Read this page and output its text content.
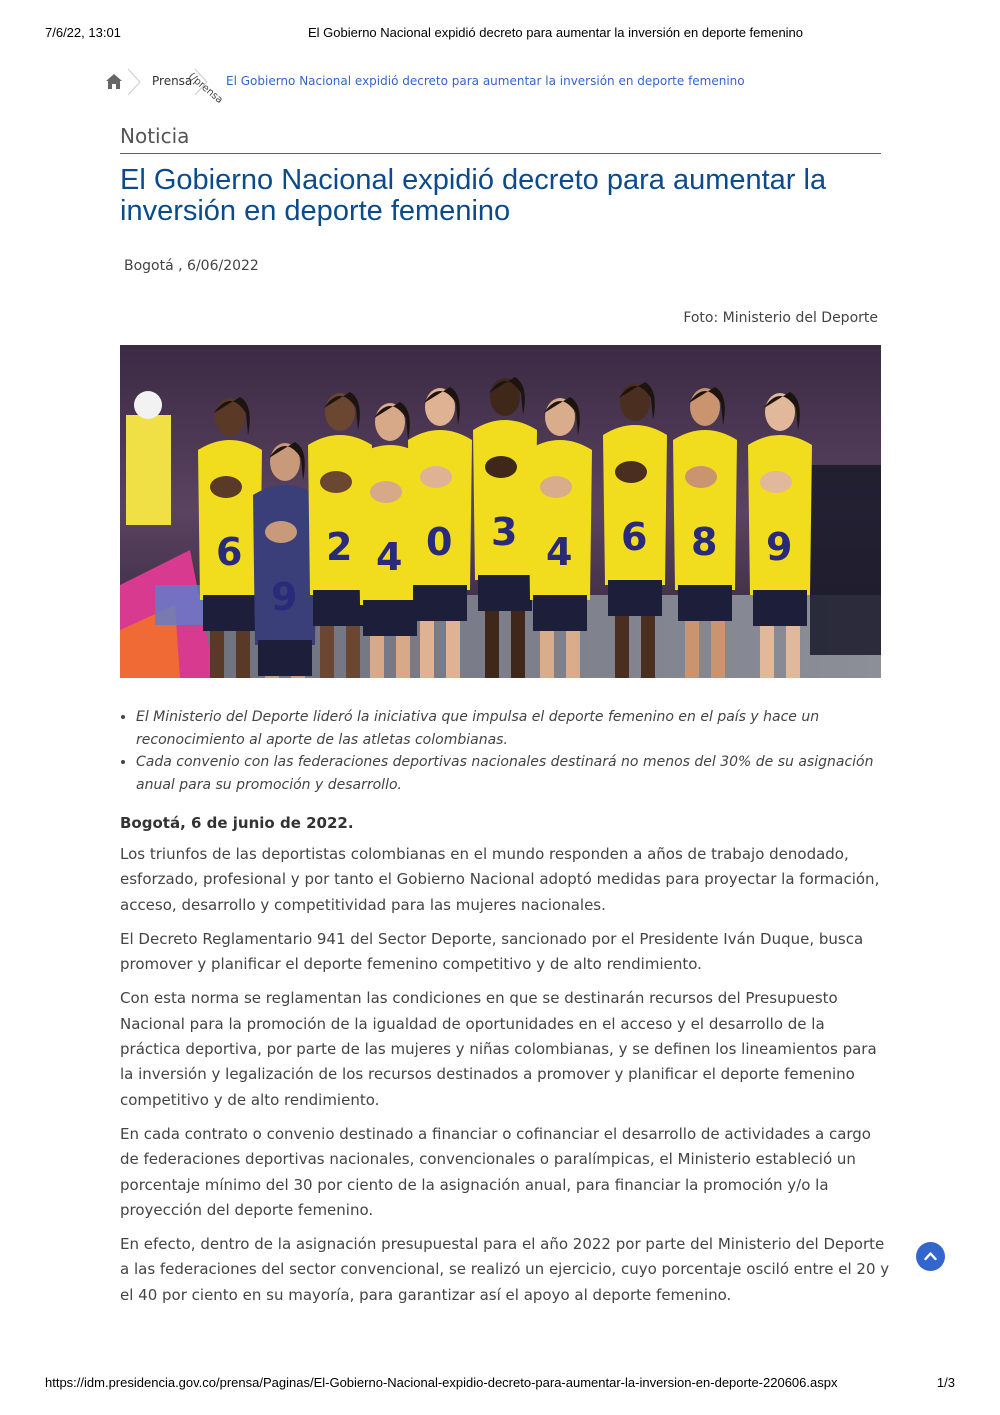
7/6/22, 13:01	El Gobierno Nacional expidió decreto para aumentar la inversión en deporte femenino
Prensa
(/prensa El Gobierno Nacional expidió decreto para aumentar la inversión en deporte femenino
Noticia
El Gobierno Nacional expidió decreto para aumentar la inversión en deporte femenino
Bogotá , 6/06/2022
Foto: Ministerio del Deporte
6
9
2 4 0 3 4 6 8 9
• El Ministerio del Deporte lideró la iniciativa que impulsa el deporte femenino en el país y hace un reconocimiento al aporte de las atletas colombianas.
• Cada convenio con las federaciones deportivas nacionales destinará no menos del 30% de su asignación anual para su promoción y desarrollo.

Bogotá, 6 de junio de 2022.

Los triunfos de las deportistas colombianas en el mundo responden a años de trabajo denodado, esforzado, profesional y por tanto el Gobierno Nacional adoptó medidas para proyectar la formación, acceso, desarrollo y competitividad para las mujeres nacionales.

El Decreto Reglamentario 941 del Sector Deporte, sancionado por el Presidente Iván Duque, busca promover y planificar el deporte femenino competitivo y de alto rendimiento.

Con esta norma se reglamentan las condiciones en que se destinarán recursos del Presupuesto Nacional para la promoción de la igualdad de oportunidades en el acceso y el desarrollo de la práctica deportiva, por parte de las mujeres y niñas colombianas, y se definen los lineamientos para la inversión y legalización de los recursos destinados a promover y planificar el deporte femenino competitivo y de alto rendimiento.

En cada contrato o convenio destinado a financiar o cofinanciar el desarrollo de actividades a cargo de federaciones deportivas nacionales, convencionales o paralímpicas, el Ministerio estableció un porcentaje mínimo del 30 por ciento de la asignación anual, para financiar la promoción y/o la proyección del deporte femenino.

En efecto, dentro de la asignación presupuestal para el año 2022 por parte del Ministerio del Deporte a las federaciones del sector convencional, se realizó un ejercicio, cuyo porcentaje osciló entre el 20 y el 40 por ciento en su mayoría, para garantizar así el apoyo al deporte femenino.

https://idm.presidencia.gov.co/prensa/Paginas/El-Gobierno-Nacional-expidio-decreto-para-aumentar-la-inversion-en-deporte-220606.aspx	1/3
